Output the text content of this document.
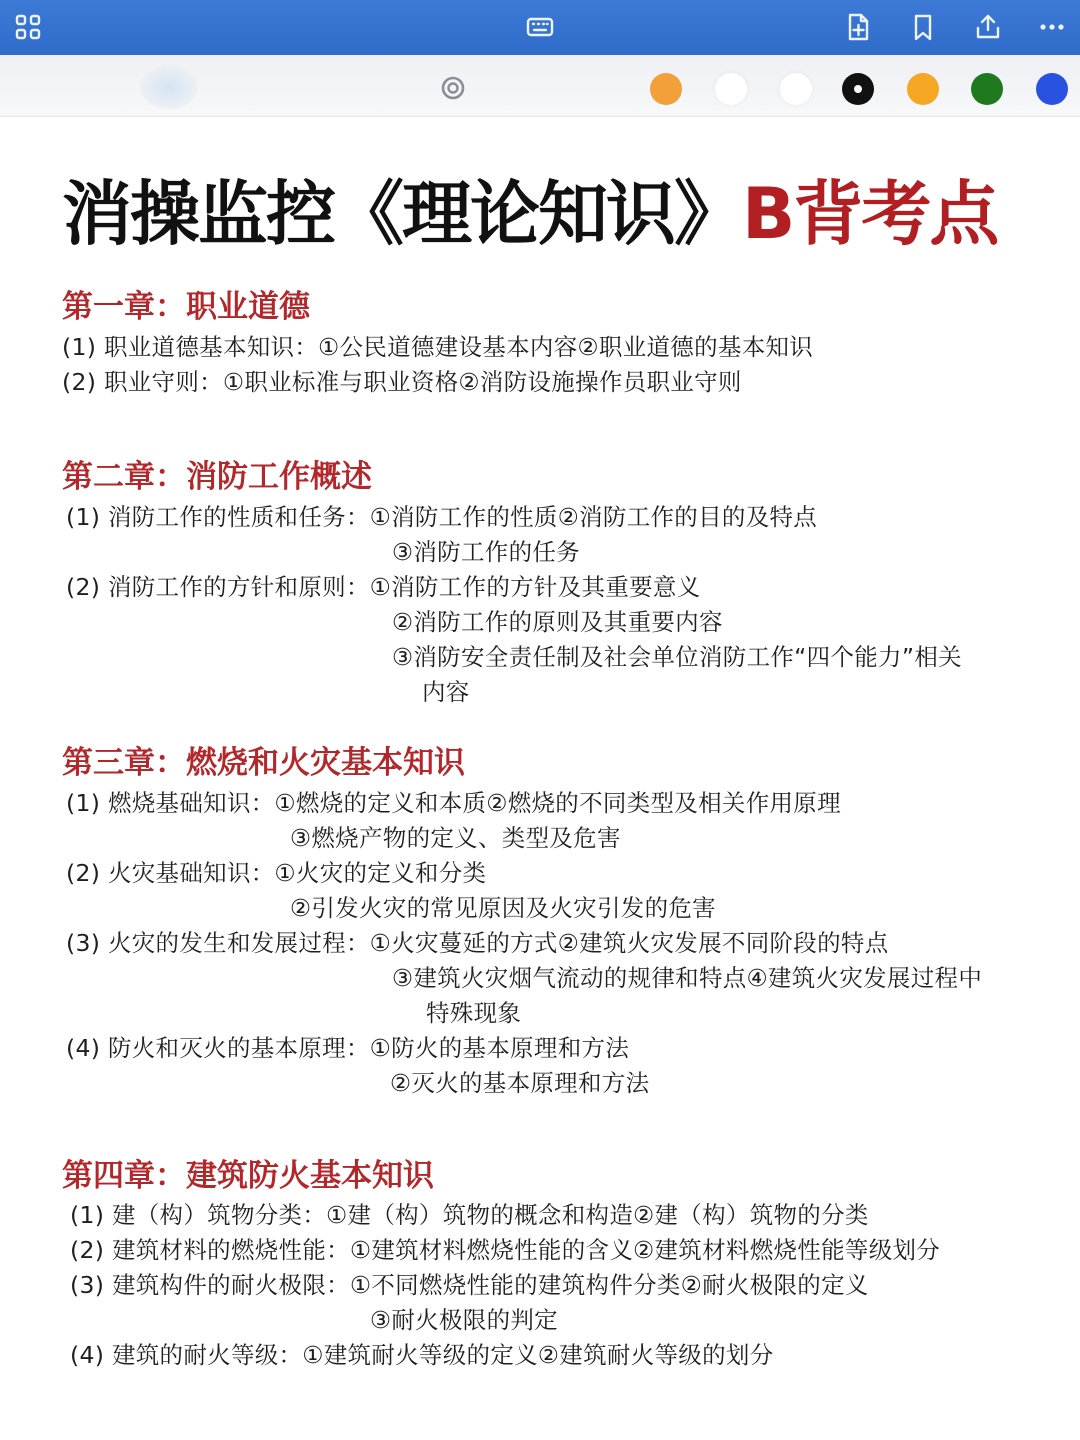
消操监控《理论知识》B背考点
第一章：职业道德
(1) 职业道德基本知识：①公民道德建设基本内容②职业道德的基本知识
(2) 职业守则：①职业标准与职业资格②消防设施操作员职业守则
第二章：消防工作概述
(1) 消防工作的性质和任务：①消防工作的性质②消防工作的目的及特点
③消防工作的任务
(2) 消防工作的方针和原则：①消防工作的方针及其重要意义
②消防工作的原则及其重要内容
③消防安全责任制及社会单位消防工作“四个能力”相关
内容
第三章：燃烧和火灾基本知识
(1) 燃烧基础知识：①燃烧的定义和本质②燃烧的不同类型及相关作用原理
③燃烧产物的定义、类型及危害
(2) 火灾基础知识：①火灾的定义和分类
②引发火灾的常见原因及火灾引发的危害
(3) 火灾的发生和发展过程：①火灾蔓延的方式②建筑火灾发展不同阶段的特点
③建筑火灾烟气流动的规律和特点④建筑火灾发展过程中
特殊现象
(4) 防火和灭火的基本原理：①防火的基本原理和方法
②灭火的基本原理和方法
第四章：建筑防火基本知识
(1) 建（构）筑物分类：①建（构）筑物的概念和构造②建（构）筑物的分类
(2) 建筑材料的燃烧性能：①建筑材料燃烧性能的含义②建筑材料燃烧性能等级划分
(3) 建筑构件的耐火极限：①不同燃烧性能的建筑构件分类②耐火极限的定义
③耐火极限的判定
(4) 建筑的耐火等级：①建筑耐火等级的定义②建筑耐火等级的划分
